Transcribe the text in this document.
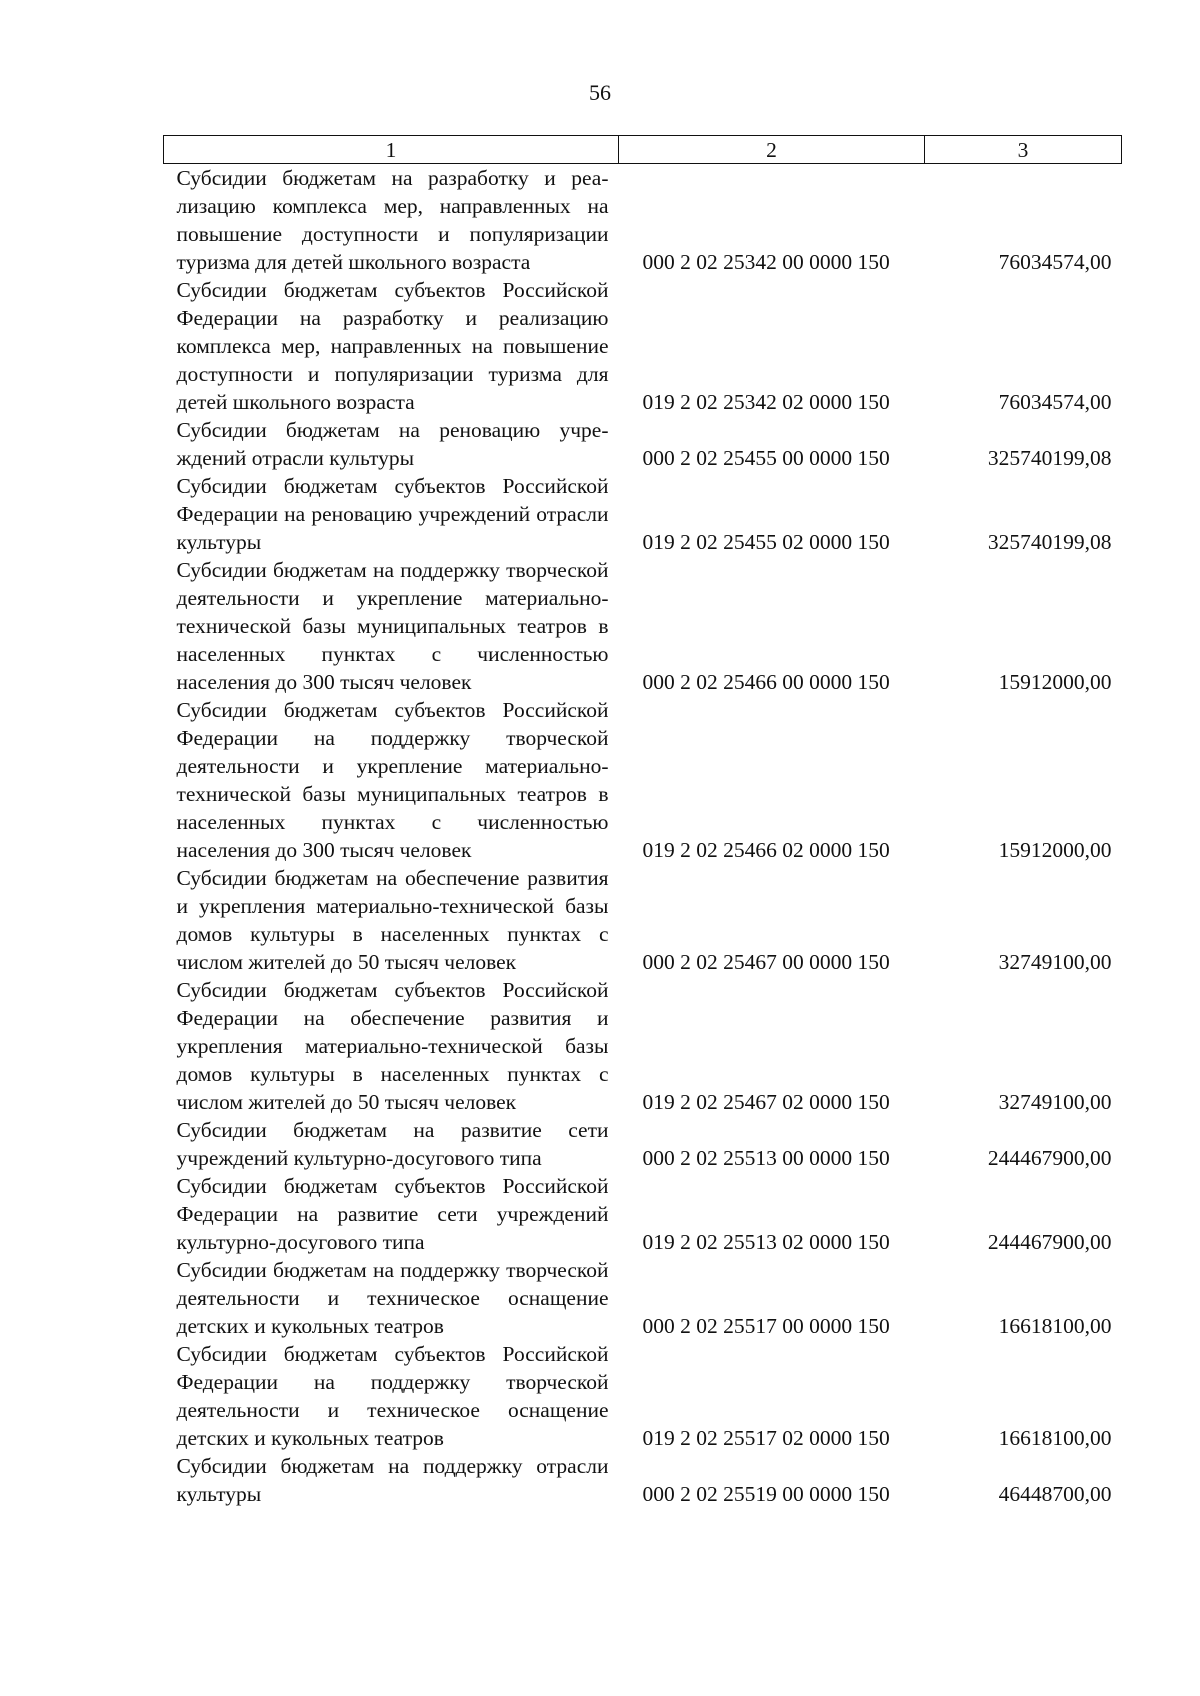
56
1	2	3
Субсидии бюджетам на разработку и реализацию комплекса мер, направленных на повышение доступности и популяризации туризма для детей школьного возраста	000 2 02 25342 00 0000 150	76034574,00
Субсидии бюджетам субъектов Российской Федерации на разработку и реализацию комплекса мер, направленных на повышение доступности и популяризации туризма для детей школьного возраста	019 2 02 25342 02 0000 150	76034574,00
Субсидии бюджетам на реновацию учреждений отрасли культуры	000 2 02 25455 00 0000 150	325740199,08
Субсидии бюджетам субъектов Российской Федерации на реновацию учреждений отрасли культуры	019 2 02 25455 02 0000 150	325740199,08
Субсидии бюджетам на поддержку творческой деятельности и укрепление материально-технической базы муниципальных театров в населенных пунктах с численностью населения до 300 тысяч человек	000 2 02 25466 00 0000 150	15912000,00
Субсидии бюджетам субъектов Российской Федерации на поддержку творческой деятельности и укрепление материально-технической базы муниципальных театров в населенных пунктах с численностью населения до 300 тысяч человек	019 2 02 25466 02 0000 150	15912000,00
Субсидии бюджетам на обеспечение развития и укрепления материально-технической базы домов культуры в населенных пунктах с числом жителей до 50 тысяч человек	000 2 02 25467 00 0000 150	32749100,00
Субсидии бюджетам субъектов Российской Федерации на обеспечение развития и укрепления материально-технической базы домов культуры в населенных пунктах с числом жителей до 50 тысяч человек	019 2 02 25467 02 0000 150	32749100,00
Субсидии бюджетам на развитие сети учреждений культурно-досугового типа	000 2 02 25513 00 0000 150	244467900,00
Субсидии бюджетам субъектов Российской Федерации на развитие сети учреждений культурно-досугового типа	019 2 02 25513 02 0000 150	244467900,00
Субсидии бюджетам на поддержку творческой деятельности и техническое оснащение детских и кукольных театров	000 2 02 25517 00 0000 150	16618100,00
Субсидии бюджетам субъектов Российской Федерации на поддержку творческой деятельности и техническое оснащение детских и кукольных театров	019 2 02 25517 02 0000 150	16618100,00
Субсидии бюджетам на поддержку отрасли культуры	000 2 02 25519 00 0000 150	46448700,00
